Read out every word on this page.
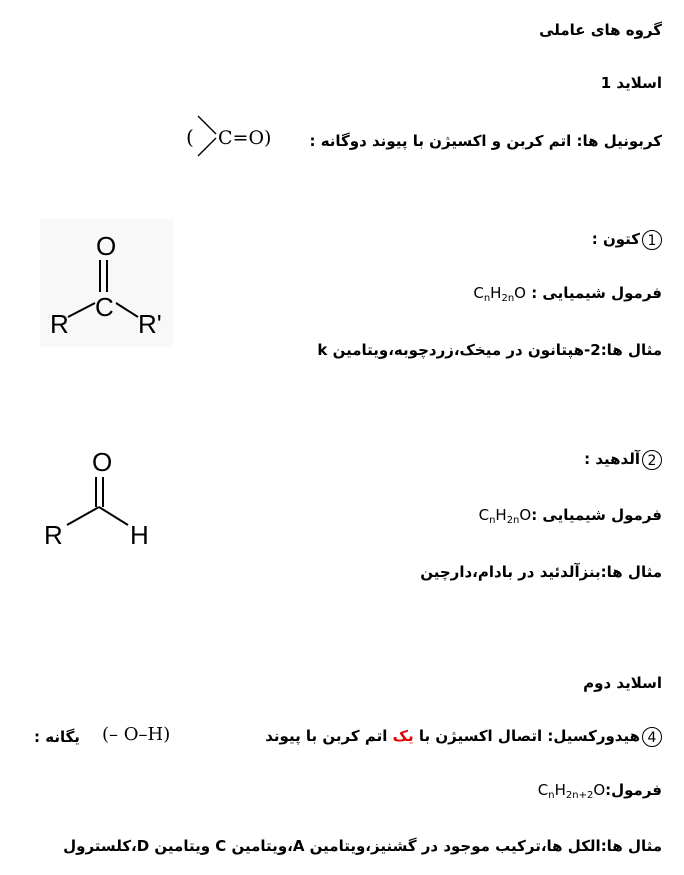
گروه های عاملی
اسلاید 1
کربونیل ها: اتم کربن و اکسیژن با پیوند دوگانه :
( C=O)
O
C
R	R'
1کتون :
فرمول شیمیایی :  $C_nH_{2n}O$
مثال ها:2-هپتانون در میخک،زردچوبه،ویتامین k
O
R	H
2آلدهید :
فرمول شیمیایی $:C_nH_{2n}O$
مثال ها:بنزآلدئید در بادام،دارچین
اسلاید دوم
4هیدورکسیل: اتصال اکسیژن با یک اتم کربن با پیوند
(– O–H)
یگانه :
$فرمول:C_nH_{2n+2}O$
مثال ها:الکل ها،ترکیب موجود در گشنیز،ویتامین A،ویتامین C ویتامین D،کلسترول
